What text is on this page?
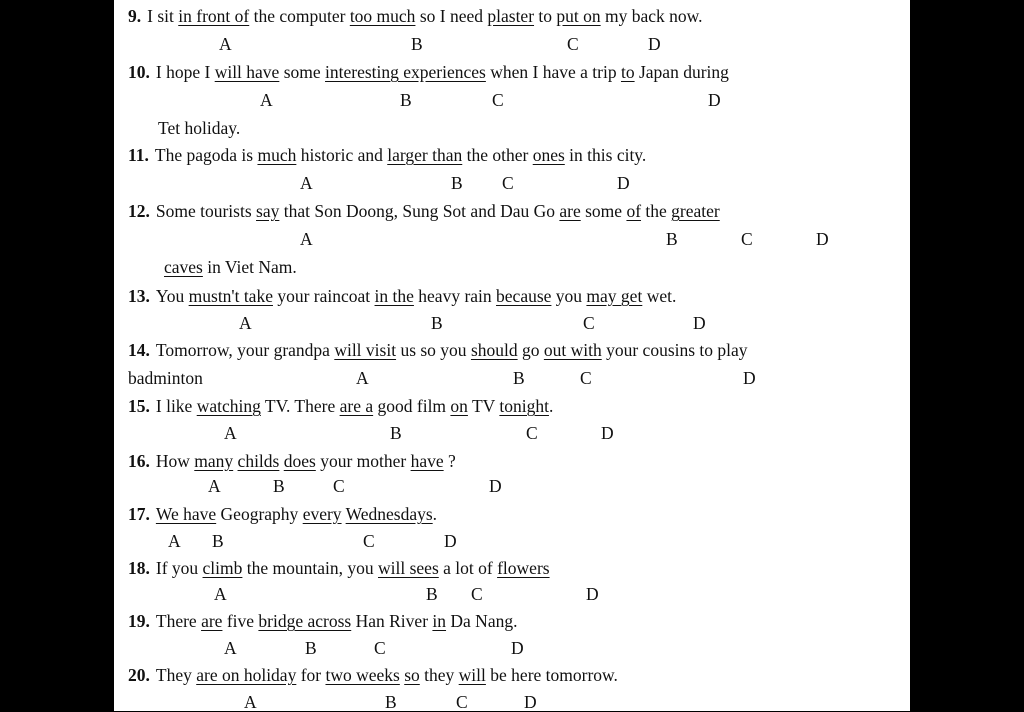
9. I sit in front of the computer too much so I need plaster to put on my back now.
A	B	C	D
10. I hope I will have some interesting experiences when I have a trip to Japan during
Tet holiday.
A	B	C	D
11. The pagoda is much historic and larger than the other ones in this city.
A	B C	D
12. Some tourists say that Son Doong, Sung Sot and Dau Go are some of the greater
caves in Viet Nam.
A	B	C	D
13. You mustn't take your raincoat in the heavy rain because you may get wet.
A	B	C	D
14. Tomorrow, your grandpa will visit us so you should go out with your cousins to play
badminton	A	B	C	D
15. I like watching TV. There are a good film on TV tonight.
A	B	C	D
16. How many childs does your mother have ?
A	B	C	D
17. We have Geography every Wednesdays.
A B	C	D
18. If you climb the mountain, you will sees a lot of flowers
A	B C	D
19. There are five bridge across Han River in Da Nang.
A	B	C	D
20. They are on holiday for two weeks so they will be here tomorrow.
A	B	C	D
